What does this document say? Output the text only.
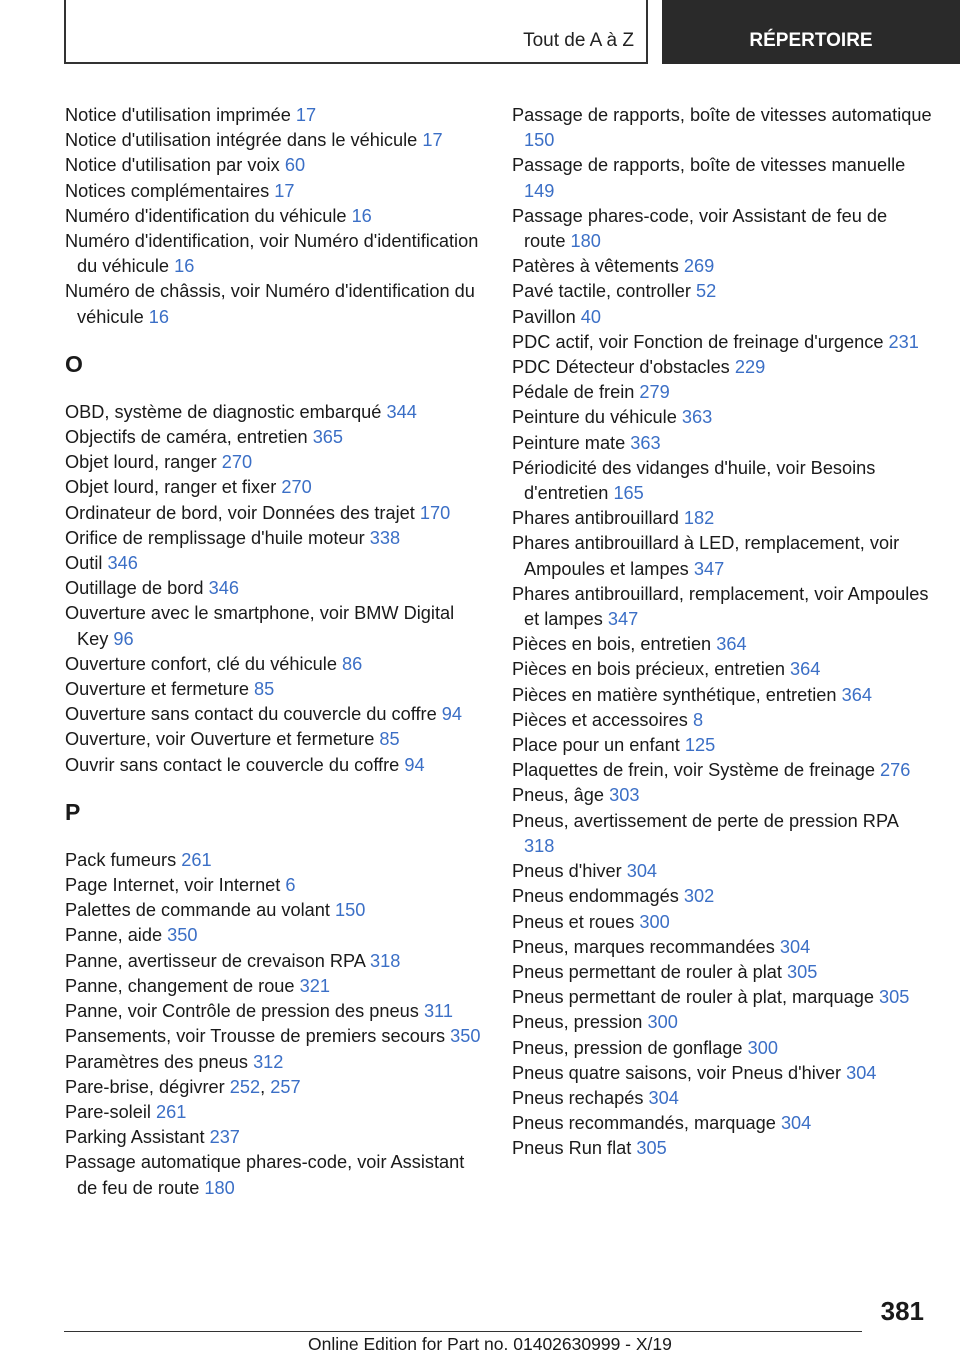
Tout de A à Z	RÉPERTOIRE

Notice d'utilisation imprimée 17

Notice d'utilisation intégrée dans le véhicule 17

Notice d'utilisation par voix 60

Notices complémentaires 17

Numéro d'identification du véhicule 16

Numéro d'identification, voir Numéro d'identification du véhicule 16

Numéro de châssis, voir Numéro d'identification du véhicule 16

O

OBD, système de diagnostic embarqué 344

Objectifs de caméra, entretien 365

Objet lourd, ranger 270

Objet lourd, ranger et fixer 270

Ordinateur de bord, voir Données des trajet 170

Orifice de remplissage d'huile moteur 338

Outil 346

Outillage de bord 346

Ouverture avec le smartphone, voir BMW Digital Key 96

Ouverture confort, clé du véhicule 86

Ouverture et fermeture 85

Ouverture sans contact du couvercle du coffre 94

Ouverture, voir Ouverture et fermeture 85

Ouvrir sans contact le couvercle du coffre 94

P

Pack fumeurs 261

Page Internet, voir Internet 6

Palettes de commande au volant 150

Panne, aide 350

Panne, avertisseur de crevaison RPA 318

Panne, changement de roue 321

Panne, voir Contrôle de pression des pneus 311

Pansements, voir Trousse de premiers secours 350

Paramètres des pneus 312

Pare-brise, dégivrer 252, 257

Pare-soleil 261

Parking Assistant 237

Passage automatique phares-code, voir Assistant de feu de route 180

Passage de rapports, boîte de vitesses automatique 150

Passage de rapports, boîte de vitesses manuelle 149

Passage phares-code, voir Assistant de feu de route 180

Patères à vêtements 269

Pavé tactile, controller 52

Pavillon 40

PDC actif, voir Fonction de freinage d'urgence 231

PDC Détecteur d'obstacles 229

Pédale de frein 279

Peinture du véhicule 363

Peinture mate 363

Périodicité des vidanges d'huile, voir Besoins d'entretien 165

Phares antibrouillard 182

Phares antibrouillard à LED, remplacement, voir Ampoules et lampes 347

Phares antibrouillard, remplacement, voir Ampoules et lampes 347

Pièces en bois, entretien 364

Pièces en bois précieux, entretien 364

Pièces en matière synthétique, entretien 364

Pièces et accessoires 8

Place pour un enfant 125

Plaquettes de frein, voir Système de freinage 276

Pneus, âge 303

Pneus, avertissement de perte de pression RPA 318

Pneus d'hiver 304

Pneus endommagés 302

Pneus et roues 300

Pneus, marques recommandées 304

Pneus permettant de rouler à plat 305

Pneus permettant de rouler à plat, marquage 305

Pneus, pression 300

Pneus, pression de gonflage 300

Pneus quatre saisons, voir Pneus d'hiver 304

Pneus rechapés 304

Pneus recommandés, marquage 304

Pneus Run flat 305

381
Online Edition for Part no. 01402630999 - X/19
